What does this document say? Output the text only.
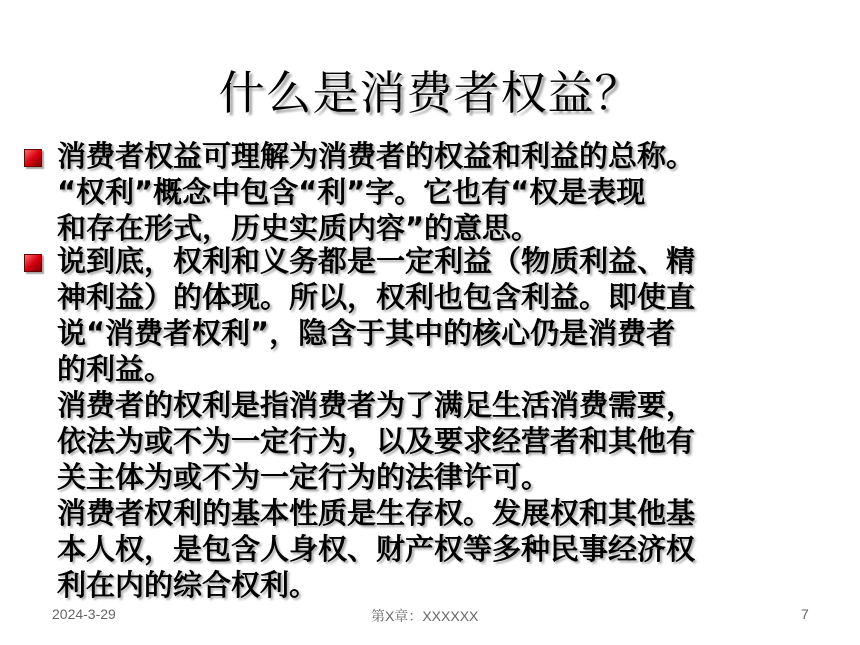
什么是消费者权益？
消费者权益可理解为消费者的权益和利益的总称。
“权利”概念中包含“利”字。它也有“权是表现
和存在形式，历史实质内容”的意思。
说到底，权利和义务都是一定利益（物质利益、精
神利益）的体现。所以，权利也包含利益。即使直
说“消费者权利”，隐含于其中的核心仍是消费者
的利益。
消费者的权利是指消费者为了满足生活消费需要，
依法为或不为一定行为，以及要求经营者和其他有
关主体为或不为一定行为的法律许可。
消费者权利的基本性质是生存权。发展权和其他基
本人权，是包含人身权、财产权等多种民事经济权
利在内的综合权利。
2024-3-29	第X章：XXXXXX	7
